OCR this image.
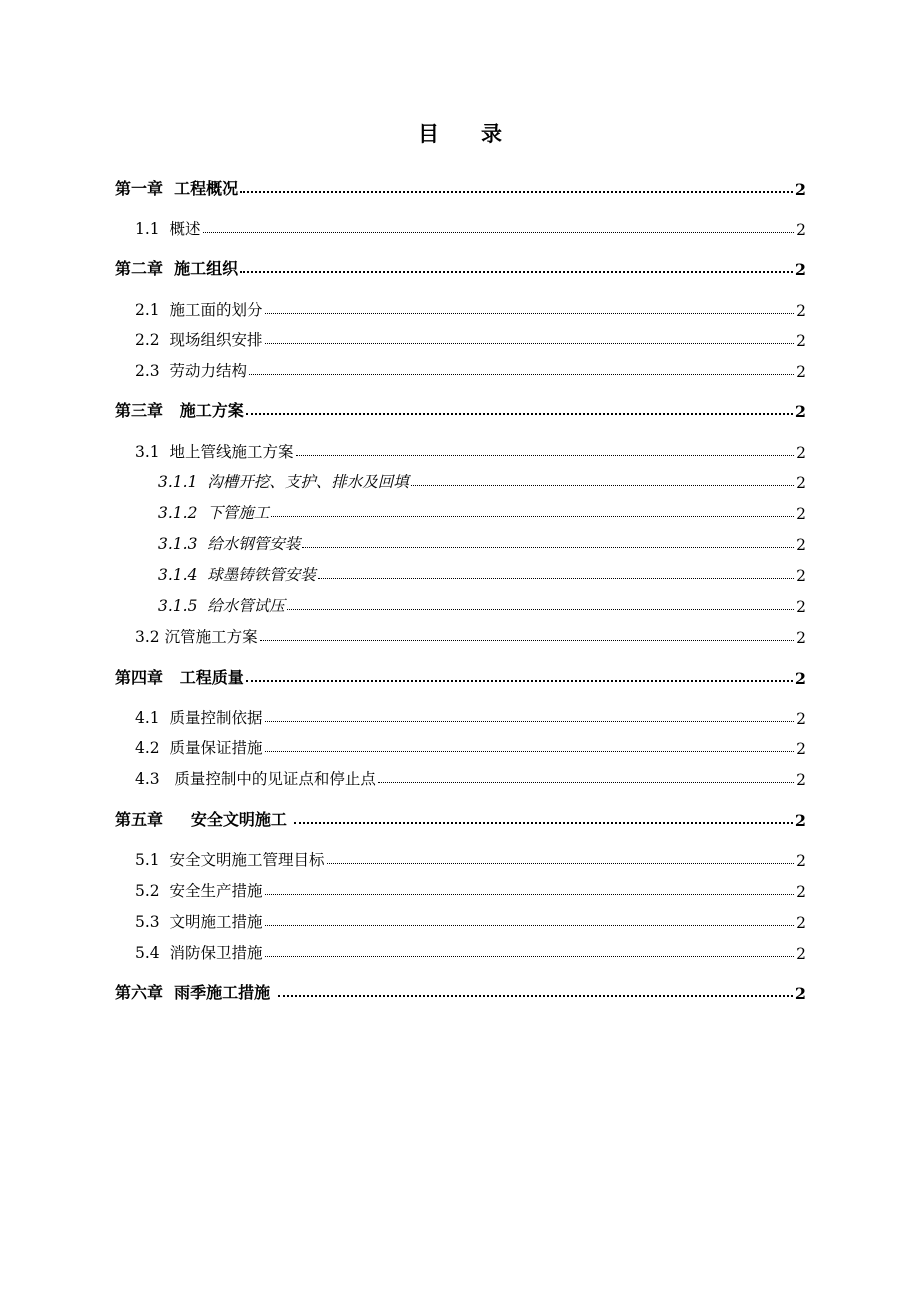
目　　录
第一章  工程概况	2
1.1  概述	2
第二章  施工组织	2
2.1  施工面的划分	2
2.2  现场组织安排	2
2.3  劳动力结构	2
第三章   施工方案	2
3.1  地上管线施工方案	2
3.1.1  沟槽开挖、支护、排水及回填	2
3.1.2  下管施工	2
3.1.3  给水钢管安装	2
3.1.4  球墨铸铁管安装	2
3.1.5  给水管试压	2
3.2 沉管施工方案	2
第四章   工程质量	2
4.1  质量控制依据	2
4.2  质量保证措施	2
4.3   质量控制中的见证点和停止点	2
第五章     安全文明施工	2
5.1  安全文明施工管理目标	2
5.2  安全生产措施	2
5.3  文明施工措施	2
5.4  消防保卫措施	2
第六章  雨季施工措施	2
